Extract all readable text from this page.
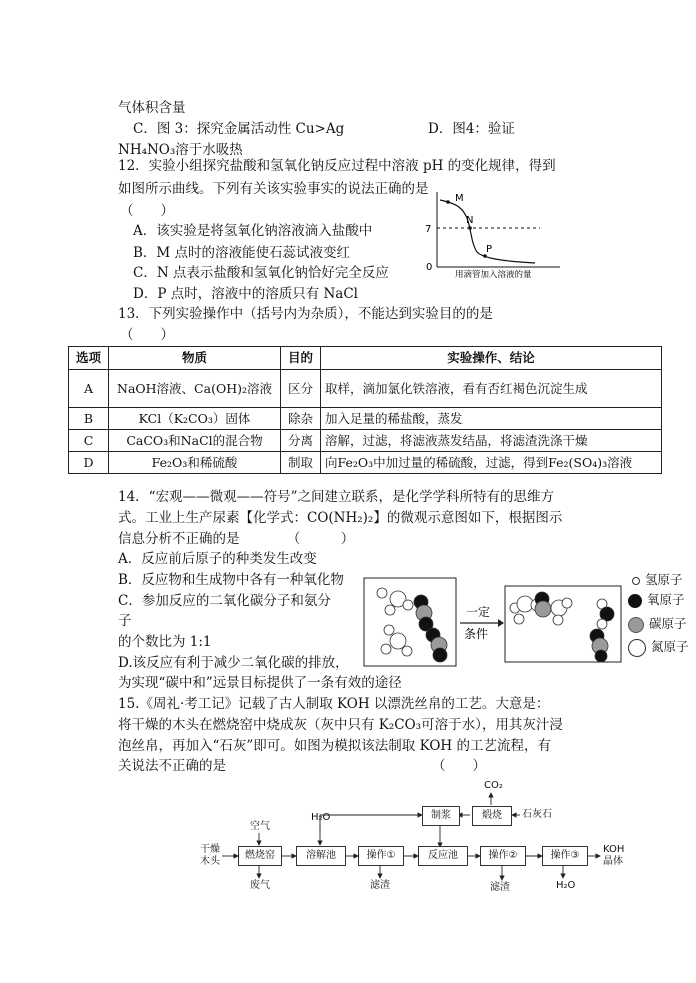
气体积含量
C．图 3：探究金属活动性 Cu>Ag	D．图4：验证
NH₄NO₃溶于水吸热
12．实验小组探究盐酸和氢氧化钠反应过程中溶液 pH 的变化规律，得到
如图所示曲线。下列有关该实验事实的说法正确的是
（　　）
A．该实验是将氢氧化钠溶液滴入盐酸中
B．M 点时的溶液能使石蕊试液变红
C．N 点表示盐酸和氢氧化钠恰好完全反应
D．P 点时，溶液中的溶质只有 NaCl
7
0
M
N
P
用滴管加入溶液的量
13．下列实验操作中（括号内为杂质），不能达到实验目的的是
（　　）
选项	物质	目的	实验操作、结论
A	NaOH溶液、Ca(OH)₂溶液	区分	取样，滴加氯化铁溶液，看有否红褐色沉淀生成
B	KCl（K₂CO₃）固体	除杂	加入足量的稀盐酸，蒸发
C	CaCO₃和NaCl的混合物	分离	溶解，过滤，将滤液蒸发结晶，将滤渣洗涤干燥
D	Fe₂O₃和稀硫酸	制取	向Fe₂O₃中加过量的稀硫酸，过滤，得到Fe₂(SO₄)₃溶液
14．“宏观——微观——符号”之间建立联系，是化学学科所特有的思维方
式。工业上生产尿素【化学式：CO(NH₂)₂】的微观示意图如下，根据图示
信息分析不正确的是　　　　（　　　）
A．反应前后原子的种类发生改变
B．反应物和生成物中各有一种氧化物
C．参加反应的二氧化碳分子和氨分
子
的个数比为 1:1
D.该反应有利于减少二氧化碳的排放，
为实现“碳中和”远景目标提供了一条有效的途径
一定
条件
氢原子
氧原子
碳原子
氮原子
15.《周礼·考工记》记载了古人制取 KOH 以漂洗丝帛的工艺。大意是：
将干燥的木头在燃烧窑中烧成灰（灰中只有 K₂CO₃可溶于水），用其灰汁浸
泡丝帛，再加入“石灰”即可。如图为模拟该法制取 KOH 的工艺流程，有
关说法不正确的是	（　　）
干燥
木头
燃烧窑
空气
废气
H₂O
溶解池	操作①
滤渣
反应池	操作②
滤渣
操作③
H₂O
KOH
晶体
制浆	煅烧
CO₂
石灰石
